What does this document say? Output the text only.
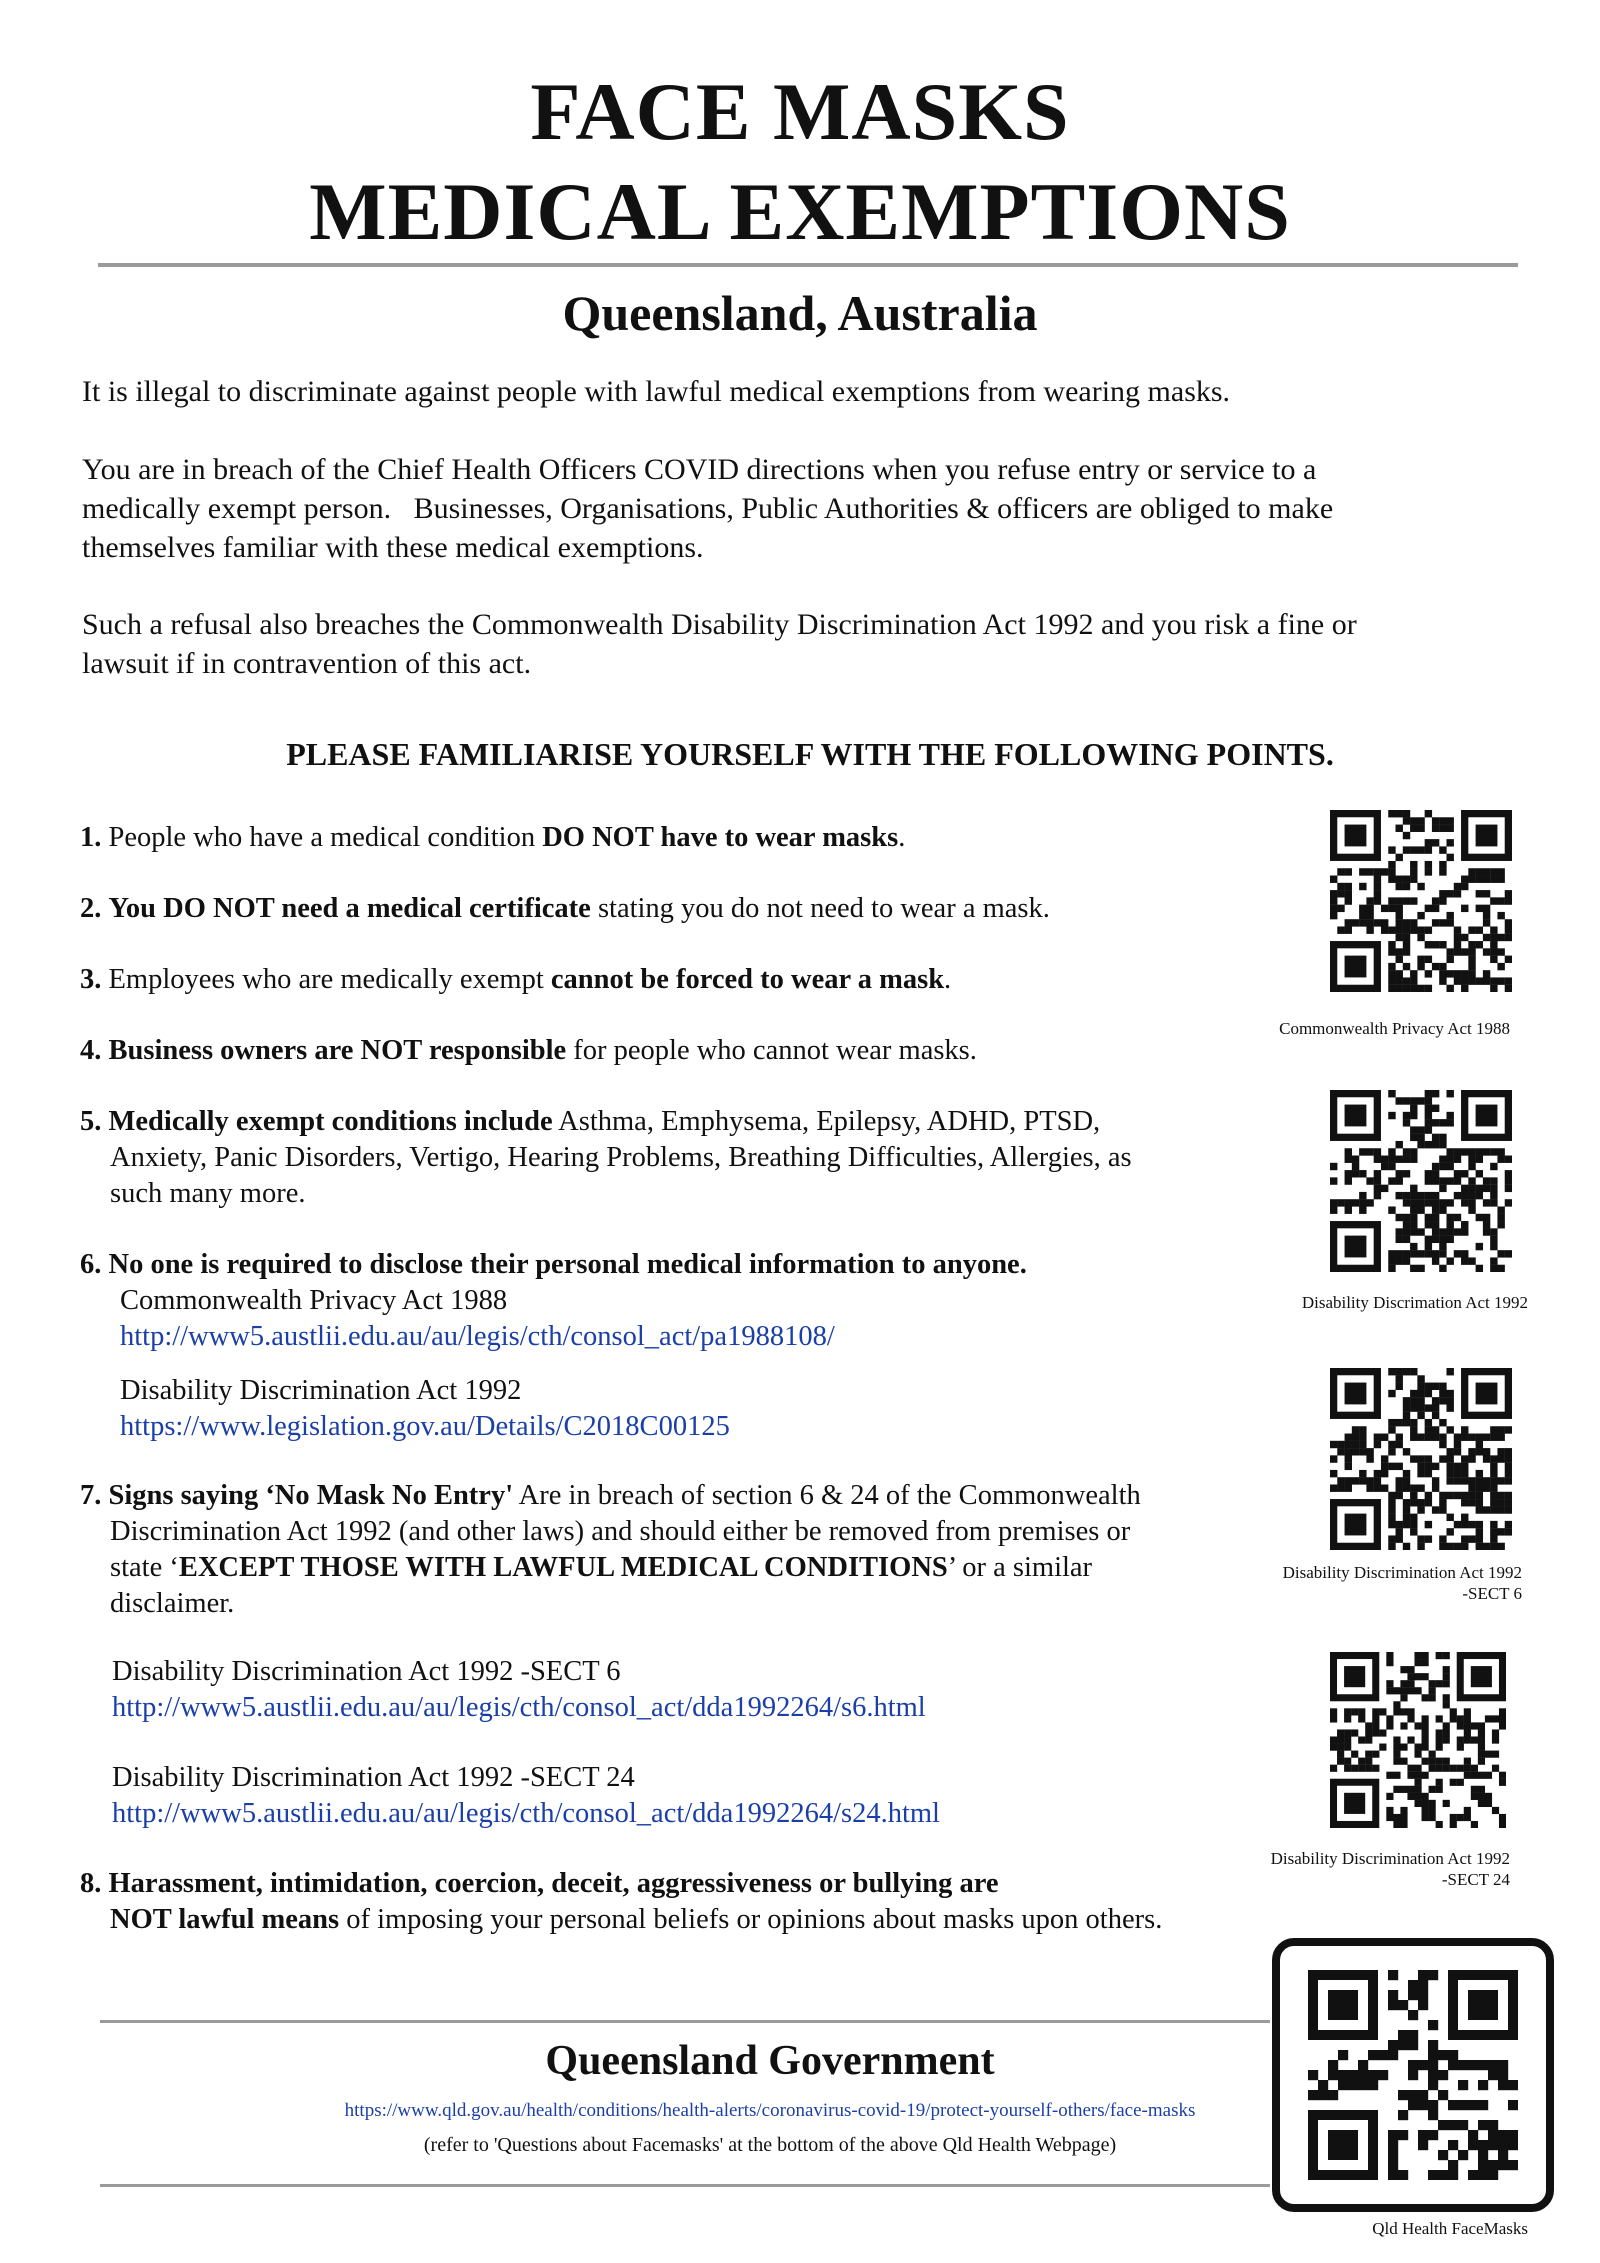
FACE MASKS
MEDICAL EXEMPTIONS
Queensland, Australia
It is illegal to discriminate against people with lawful medical exemptions from wearing masks.
You are in breach of the Chief Health Officers COVID directions when you refuse entry or service to a
medically exempt person.   Businesses, Organisations, Public Authorities & officers are obliged to make
themselves familiar with these medical exemptions.
Such a refusal also breaches the Commonwealth Disability Discrimination Act 1992 and you risk a fine or
lawsuit if in contravention of this act.
PLEASE FAMILIARISE YOURSELF WITH THE FOLLOWING POINTS.
1. People who have a medical condition DO NOT have to wear masks.
2. You DO NOT need a medical certificate stating you do not need to wear a mask.
3. Employees who are medically exempt cannot be forced to wear a mask.
4. Business owners are NOT responsible for people who cannot wear masks.
5. Medically exempt conditions include Asthma, Emphysema, Epilepsy, ADHD, PTSD,
Anxiety, Panic Disorders, Vertigo, Hearing Problems, Breathing Difficulties, Allergies, as
such many more.
6. No one is required to disclose their personal medical information to anyone.
Commonwealth Privacy Act 1988
http://www5.austlii.edu.au/au/legis/cth/consol_act/pa1988108/
Disability Discrimination Act 1992
https://www.legislation.gov.au/Details/C2018C00125
7. Signs saying ‘No Mask No Entry' Are in breach of section 6 & 24 of the Commonwealth
Discrimination Act 1992 (and other laws) and should either be removed from premises or
state ‘EXCEPT THOSE WITH LAWFUL MEDICAL CONDITIONS’ or a similar
disclaimer.
Disability Discrimination Act 1992 -SECT 6
http://www5.austlii.edu.au/au/legis/cth/consol_act/dda1992264/s6.html
Disability Discrimination Act 1992 -SECT 24
http://www5.austlii.edu.au/au/legis/cth/consol_act/dda1992264/s24.html
8. Harassment, intimidation, coercion, deceit, aggressiveness or bullying are
NOT lawful means of imposing your personal beliefs or opinions about masks upon others.
Commonwealth Privacy Act 1988
Disability Discrimation Act 1992
Disability Discrimination Act 1992
-SECT 6
Disability Discrimination Act 1992
-SECT 24
Qld Health FaceMasks
Queensland Government
https://www.qld.gov.au/health/conditions/health-alerts/coronavirus-covid-19/protect-yourself-others/face-masks
(refer to 'Questions about Facemasks' at the bottom of the above Qld Health Webpage)
